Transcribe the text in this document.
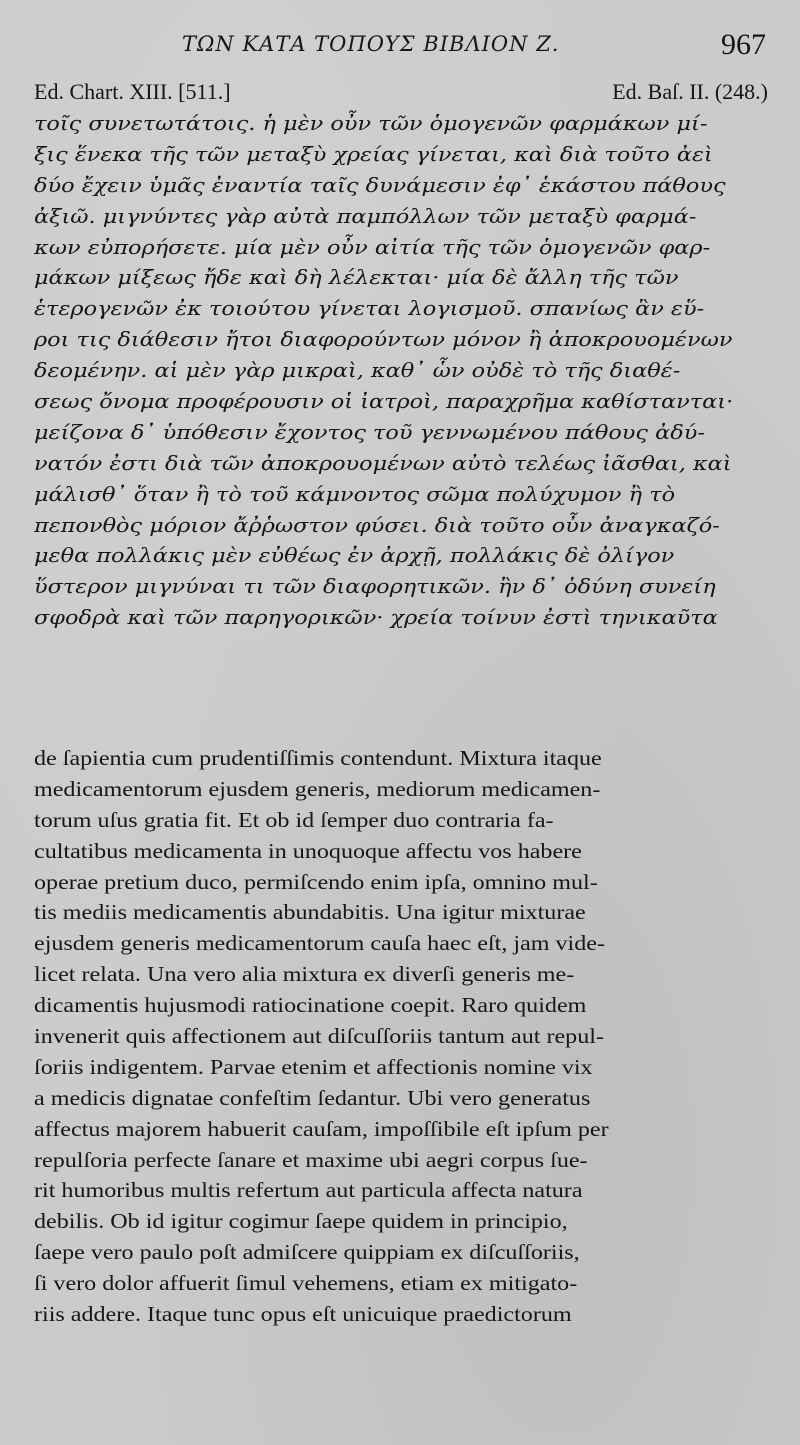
ΤΩΝ ΚΑΤΑ ΤΟΠΟΥΣ ΒΙΒΛΙΟΝ Ζ.	967
Ed. Chart. XIII. [511.]	Ed. Baſ. II. (248.)
τοῖς συνετωτάτοις. ἡ μὲν οὖν τῶν ὁμογενῶν φαρμάκων μί-
ξις ἕνεκα τῆς τῶν μεταξὺ χρείας γίνεται, καὶ διὰ τοῦτο ἀεὶ
δύο ἔχειν ὑμᾶς ἐναντία ταῖς δυνάμεσιν ἐφ᾽ ἑκάστου πάθους
ἀξιῶ. μιγνύντες γὰρ αὐτὰ παμπόλλων τῶν μεταξὺ φαρμά-
κων εὐπορήσετε. μία μὲν οὖν αἰτία τῆς τῶν ὁμογενῶν φαρ-
μάκων μίξεως ἤδε καὶ δὴ λέλεκται· μία δὲ ἄλλη τῆς τῶν
ἑτερογενῶν ἐκ τοιούτου γίνεται λογισμοῦ. σπανίως ἂν εὕ-
ροι τις διάθεσιν ἤτοι διαφορούντων μόνον ἢ ἀποκρουομένων
δεομένην. αἱ μὲν γὰρ μικραὶ, καθ᾽ ὧν οὐδὲ τὸ τῆς διαθέ-
σεως ὄνομα προφέρουσιν οἱ ἰατροὶ, παραχρῆμα καθίστανται·
μείζονα δ᾽ ὑπόθεσιν ἔχοντος τοῦ γεννωμένου πάθους ἀδύ-
νατόν ἐστι διὰ τῶν ἀποκρουομένων αὐτὸ τελέως ἰᾶσθαι, καὶ
μάλισθ᾽ ὅταν ἢ τὸ τοῦ κάμνοντος σῶμα πολύχυμον ἢ τὸ
πεπονθὸς μόριον ἄῤῥωστον φύσει. διὰ τοῦτο οὖν ἀναγκαζό-
μεθα πολλάκις μὲν εὐθέως ἐν ἀρχῇ, πολλάκις δὲ ὀλίγον
ὕστερον μιγνύναι τι τῶν διαφορητικῶν. ἢν δ᾽ ὀδύνη συνείη
σφοδρὰ καὶ τῶν παρηγορικῶν· χρεία τοίνυν ἐστὶ τηνικαῦτα
de ſapientia cum prudentiſſimis contendunt. Mixtura itaque
medicamentorum ejusdem generis, mediorum medicamen-
torum uſus gratia fit. Et ob id ſemper duo contraria fa-
cultatibus medicamenta in unoquoque affectu vos habere
operae pretium duco, permiſcendo enim ipſa, omnino mul-
tis mediis medicamentis abundabitis. Una igitur mixturae
ejusdem generis medicamentorum cauſa haec eſt, jam vide-
licet relata. Una vero alia mixtura ex diverſi generis me-
dicamentis hujusmodi ratiocinatione coepit. Raro quidem
invenerit quis affectionem aut diſcuſſoriis tantum aut repul-
ſoriis indigentem. Parvae etenim et affectionis nomine vix
a medicis dignatae confeſtim ſedantur. Ubi vero generatus
affectus majorem habuerit cauſam, impoſſibile eſt ipſum per
repulſoria perfecte ſanare et maxime ubi aegri corpus ſue-
rit humoribus multis refertum aut particula affecta natura
debilis. Ob id igitur cogimur ſaepe quidem in principio,
ſaepe vero paulo poſt admiſcere quippiam ex diſcuſſoriis,
ſi vero dolor affuerit ſimul vehemens, etiam ex mitigato-
riis addere. Itaque tunc opus eſt unicuique praedictorum
